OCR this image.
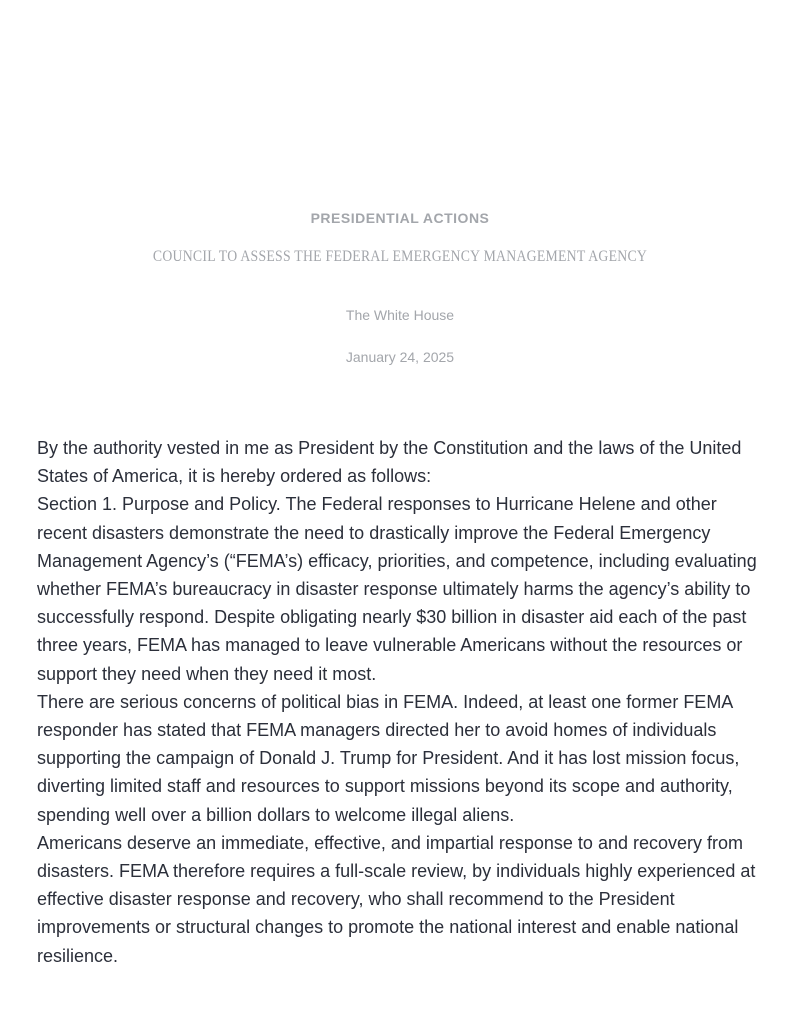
PRESIDENTIAL ACTIONS
COUNCIL TO ASSESS THE FEDERAL EMERGENCY MANAGEMENT AGENCY
The White House
January 24, 2025

By the authority vested in me as President by the Constitution and the laws of the United States of America, it is hereby ordered as follows:

Section 1. Purpose and Policy. The Federal responses to Hurricane Helene and other recent disasters demonstrate the need to drastically improve the Federal Emergency Management Agency’s (“FEMA’s) efficacy, priorities, and competence, including evaluating whether FEMA’s bureaucracy in disaster response ultimately harms the agency’s ability to successfully respond. Despite obligating nearly $30 billion in disaster aid each of the past three years, FEMA has managed to leave vulnerable Americans without the resources or support they need when they need it most.

There are serious concerns of political bias in FEMA. Indeed, at least one former FEMA responder has stated that FEMA managers directed her to avoid homes of individuals supporting the campaign of Donald J. Trump for President. And it has lost mission focus, diverting limited staff and resources to support missions beyond its scope and authority, spending well over a billion dollars to welcome illegal aliens.

Americans deserve an immediate, effective, and impartial response to and recovery from disasters. FEMA therefore requires a full-scale review, by individuals highly experienced at effective disaster response and recovery, who shall recommend to the President improvements or structural changes to promote the national interest and enable national resilience.
